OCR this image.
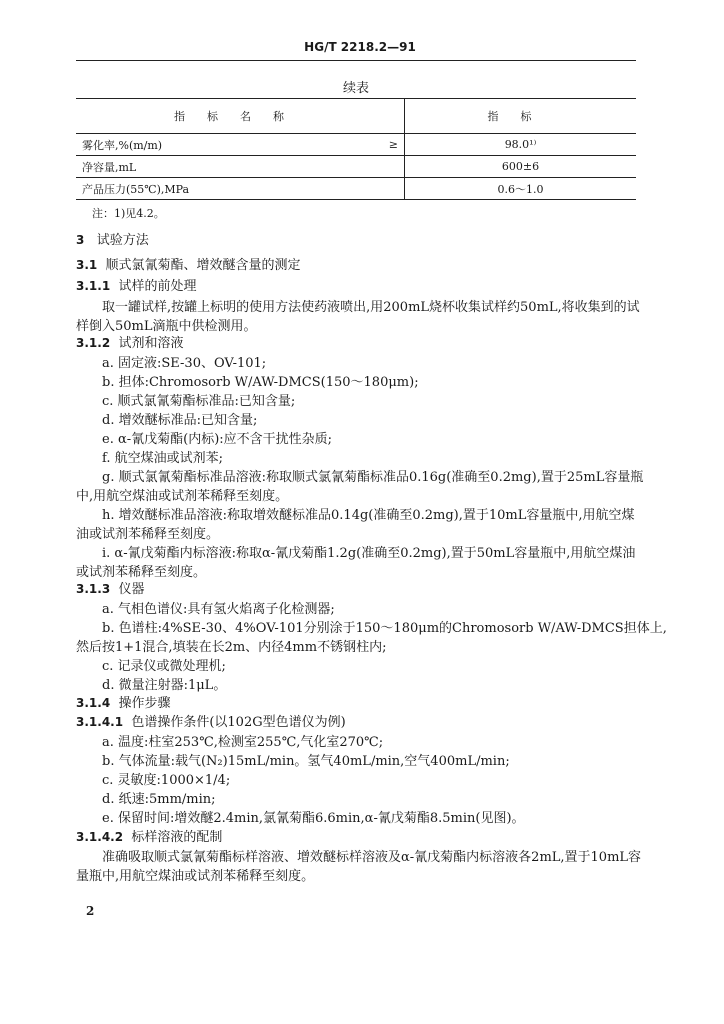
HG/T 2218.2—91
续表
指标名称		指标
雾化率,%(m/m)	≥	98.0¹⁾
净容量,mL		600±6
产品压力(55℃),MPa		0.6～1.0
注：1)见4.2。
3 试验方法
3.1 顺式氯氰菊酯、增效醚含量的测定
3.1.1 试样的前处理
取一罐试样,按罐上标明的使用方法使药液喷出,用200mL烧杯收集试样约50mL,将收集到的试
样倒入50mL滴瓶中供检测用。
3.1.2 试剂和溶液
a. 固定液:SE-30、OV-101;
b. 担体:Chromosorb W/AW-DMCS(150～180μm);
c. 顺式氯氰菊酯标准品:已知含量;
d. 增效醚标准品:已知含量;
e. α-氰戊菊酯(内标):应不含干扰性杂质;
f. 航空煤油或试剂苯;
g. 顺式氯氰菊酯标准品溶液:称取顺式氯氰菊酯标准品0.16g(准确至0.2mg),置于25mL容量瓶
中,用航空煤油或试剂苯稀释至刻度。
h. 增效醚标准品溶液:称取增效醚标准品0.14g(准确至0.2mg),置于10mL容量瓶中,用航空煤
油或试剂苯稀释至刻度。
i. α-氰戊菊酯内标溶液:称取α-氰戊菊酯1.2g(准确至0.2mg),置于50mL容量瓶中,用航空煤油
或试剂苯稀释至刻度。
3.1.3 仪器
a. 气相色谱仪:具有氢火焰离子化检测器;
b. 色谱柱:4%SE-30、4%OV-101分别涂于150～180μm的Chromosorb W/AW-DMCS担体上,
然后按1+1混合,填装在长2m、内径4mm不锈钢柱内;
c. 记录仪或微处理机;
d. 微量注射器:1μL。
3.1.4 操作步骤
3.1.4.1 色谱操作条件(以102G型色谱仪为例)
a. 温度:柱室253℃,检测室255℃,气化室270℃;
b. 气体流量:载气(N₂)15mL/min。氢气40mL/min,空气400mL/min;
c. 灵敏度:1000×1/4;
d. 纸速:5mm/min;
e. 保留时间:增效醚2.4min,氯氰菊酯6.6min,α-氰戊菊酯8.5min(见图)。
3.1.4.2 标样溶液的配制
准确吸取顺式氯氰菊酯标样溶液、增效醚标样溶液及α-氰戊菊酯内标溶液各2mL,置于10mL容
量瓶中,用航空煤油或试剂苯稀释至刻度。
2
